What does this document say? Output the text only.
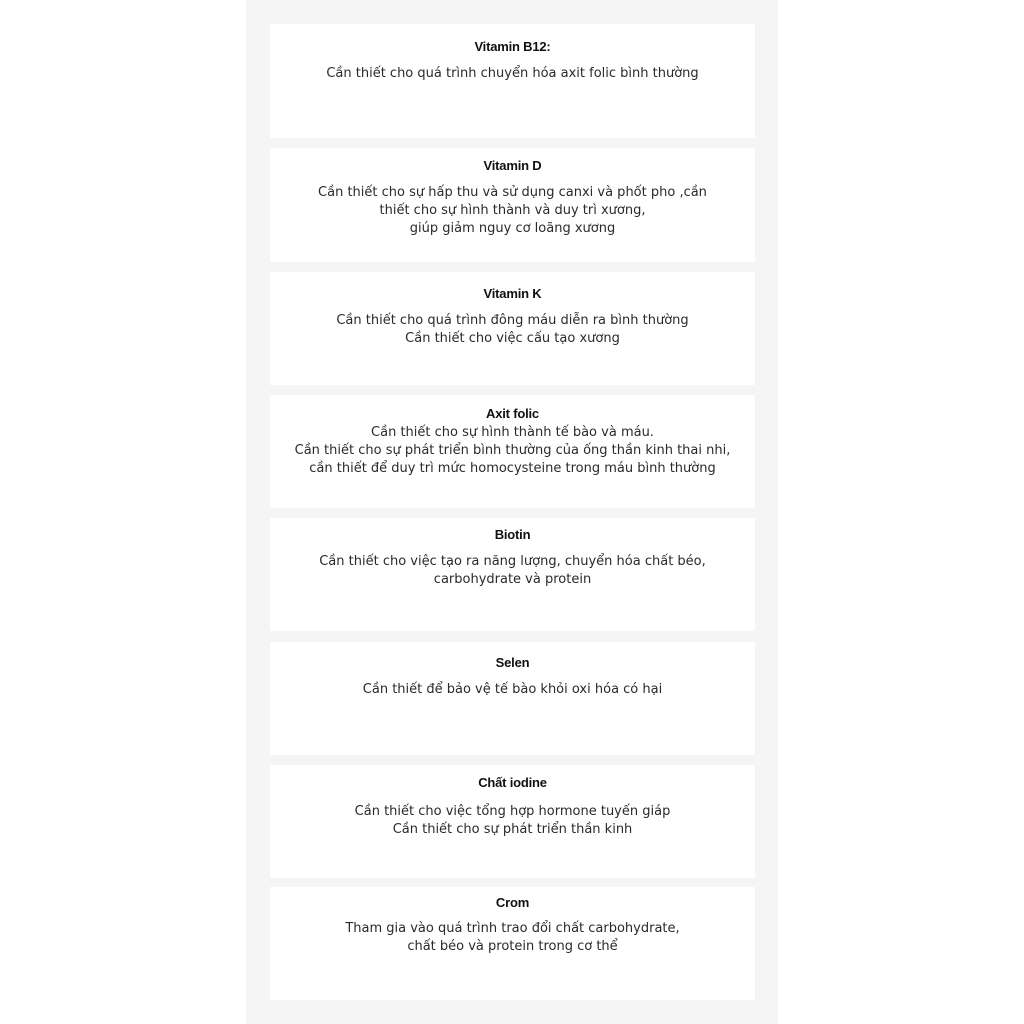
Vitamin B12:

Cần thiết cho quá trình chuyển hóa axit folic bình thường

Vitamin D

Cần thiết cho sự hấp thu và sử dụng canxi và phốt pho ,cần
thiết cho sự hình thành và duy trì xương,
giúp giảm nguy cơ loãng xương

Vitamin K

Cần thiết cho quá trình đông máu diễn ra bình thường
Cần thiết cho việc cấu tạo xương

Axit folic

Cần thiết cho sự hình thành tế bào và máu.
Cần thiết cho sự phát triển bình thường của ống thần kinh thai nhi,
cần thiết để duy trì mức homocysteine trong máu bình thường

Biotin

Cần thiết cho việc tạo ra năng lượng, chuyển hóa chất béo,
carbohydrate và protein

Selen

Cần thiết để bảo vệ tế bào khỏi oxi hóa có hại

Chất iodine

Cần thiết cho việc tổng hợp hormone tuyến giáp
Cần thiết cho sự phát triển thần kinh

Crom

Tham gia vào quá trình trao đổi chất carbohydrate,
chất béo và protein trong cơ thể
